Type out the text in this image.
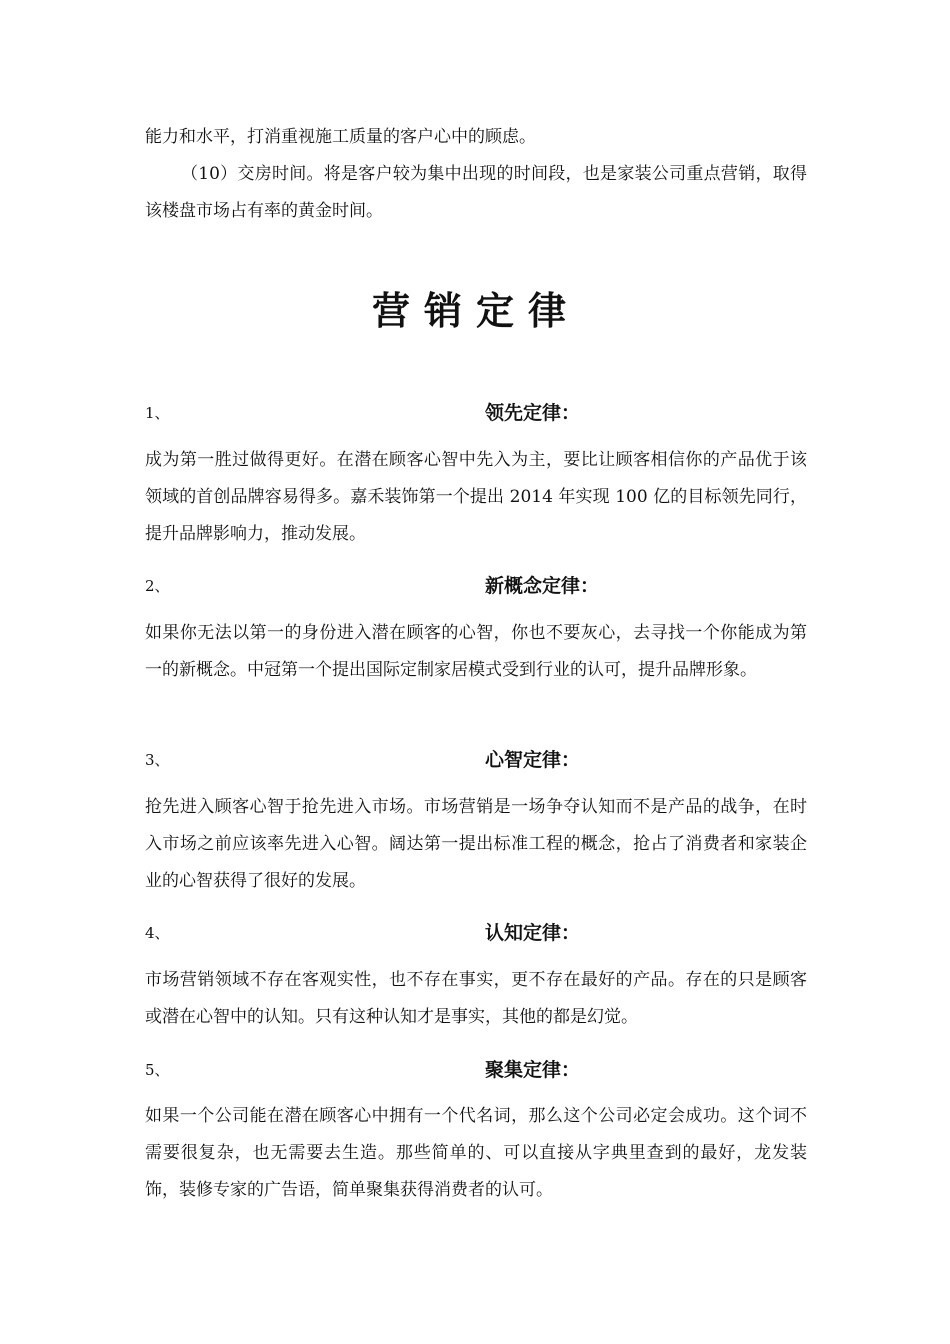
能力和水平，打消重视施工质量的客户心中的顾虑。

（10）交房时间。将是客户较为集中出现的时间段，也是家装公司重点营销，取得该楼盘市场占有率的黄金时间。

营销定律
1、	领先定律：

成为第一胜过做得更好。在潜在顾客心智中先入为主，要比让顾客相信你的产品优于该领域的首创品牌容易得多。嘉禾装饰第一个提出 2014 年实现 100 亿的目标领先同行，提升品牌影响力，推动发展。

2、	新概念定律：

如果你无法以第一的身份进入潜在顾客的心智，你也不要灰心，去寻找一个你能成为第一的新概念。中冠第一个提出国际定制家居模式受到行业的认可，提升品牌形象。

3、	心智定律：

抢先进入顾客心智于抢先进入市场。市场营销是一场争夺认知而不是产品的战争，在时入市场之前应该率先进入心智。阔达第一提出标准工程的概念，抢占了消费者和家装企业的心智获得了很好的发展。

4、	认知定律：

市场营销领域不存在客观实性，也不存在事实，更不存在最好的产品。存在的只是顾客或潜在心智中的认知。只有这种认知才是事实，其他的都是幻觉。

5、	聚集定律：

如果一个公司能在潜在顾客心中拥有一个代名词，那么这个公司必定会成功。这个词不需要很复杂，也无需要去生造。那些简单的、可以直接从字典里查到的最好，龙发装饰，装修专家的广告语，简单聚集获得消费者的认可。
